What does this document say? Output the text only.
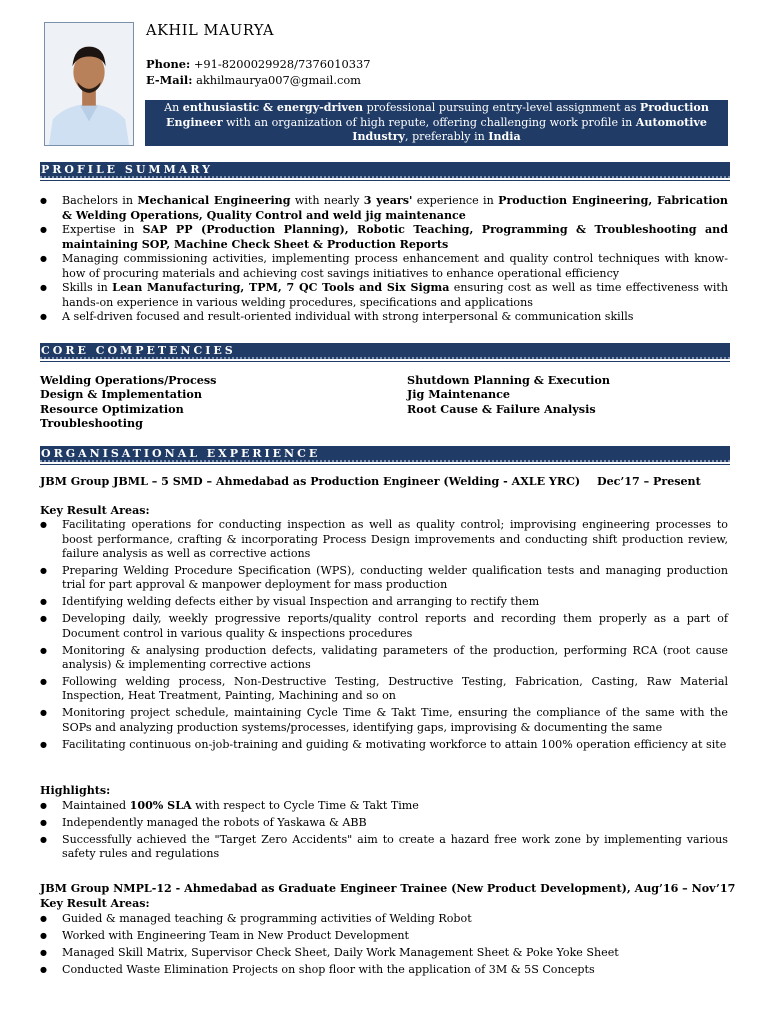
AKHIL MAURYA
Phone: +91-8200029928/7376010337
E-Mail: akhilmaurya007@gmail.com
An enthusiastic & energy-driven professional pursuing entry-level assignment as Production Engineer with an organization of high repute, offering challenging work profile in Automotive Industry, preferably in India
PROFILE SUMMARY
● Bachelors in Mechanical Engineering with nearly 3 years' experience in Production Engineering, Fabrication & Welding Operations, Quality Control and weld jig maintenance
● Expertise in SAP PP (Production Planning), Robotic Teaching, Programming & Troubleshooting and maintaining SOP, Machine Check Sheet & Production Reports
● Managing commissioning activities, implementing process enhancement and quality control techniques with know-how of procuring materials and achieving cost savings initiatives to enhance operational efficiency
● Skills in Lean Manufacturing, TPM, 7 QC Tools and Six Sigma ensuring cost as well as time effectiveness with hands-on experience in various welding procedures, specifications and applications
● A self-driven focused and result-oriented individual with strong interpersonal & communication skills
CORE COMPETENCIES
Welding Operations/Process
Design & Implementation
Resource Optimization
Troubleshooting
Shutdown Planning & Execution
Jig Maintenance
Root Cause & Failure Analysis
ORGANISATIONAL EXPERIENCE
JBM Group JBML – 5 SMD – Ahmedabad as Production Engineer (Welding - AXLE YRC) Dec’17 – Present
Key Result Areas:
● Facilitating operations for conducting inspection as well as quality control; improvising engineering processes to boost performance, crafting & incorporating Process Design improvements and conducting shift production review, failure analysis as well as corrective actions
● Preparing Welding Procedure Specification (WPS), conducting welder qualification tests and managing production trial for part approval & manpower deployment for mass production
● Identifying welding defects either by visual Inspection and arranging to rectify them
● Developing daily, weekly progressive reports/quality control reports and recording them properly as a part of Document control in various quality & inspections procedures
● Monitoring & analysing production defects, validating parameters of the production, performing RCA (root cause analysis) & implementing corrective actions
● Following welding process, Non-Destructive Testing, Destructive Testing, Fabrication, Casting, Raw Material Inspection, Heat Treatment, Painting, Machining and so on
● Monitoring project schedule, maintaining Cycle Time & Takt Time, ensuring the compliance of the same with the SOPs and analyzing production systems/processes, identifying gaps, improvising & documenting the same
● Facilitating continuous on-job-training and guiding & motivating workforce to attain 100% operation efficiency at site
Highlights:
● Maintained 100% SLA with respect to Cycle Time & Takt Time
● Independently managed the robots of Yaskawa & ABB
● Successfully achieved the "Target Zero Accidents" aim to create a hazard free work zone by implementing various safety rules and regulations
JBM Group NMPL-12 - Ahmedabad as Graduate Engineer Trainee (New Product Development), Aug’16 – Nov’17
Key Result Areas:
● Guided & managed teaching & programming activities of Welding Robot
● Worked with Engineering Team in New Product Development
● Managed Skill Matrix, Supervisor Check Sheet, Daily Work Management Sheet & Poke Yoke Sheet
● Conducted Waste Elimination Projects on shop floor with the application of 3M & 5S Concepts
